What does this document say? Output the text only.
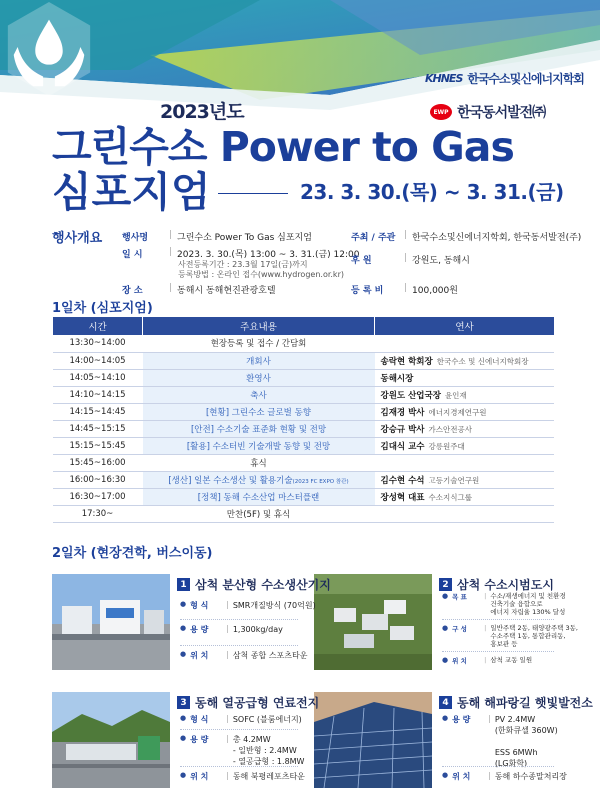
KHNES 한국수소및신에너지학회
EWP 한국동서발전㈜
2023년도
그린수소 Power to Gas
심포지엄	23. 3. 30.(목) ~ 3. 31.(금)
행사개요 행사명	| 그린수소 Power To Gas 심포지엄
일 시	| 2023. 3. 30.(목) 13:00 ~ 3. 31.(금) 12:00
사전등록기간 : 23.3월 17일(금)까지
등록방법 : 온라인 접수(www.hydrogen.or.kr)
장 소	| 동해시 동해현진관광호텔
주최 / 주관 | 한국수소및신에너지학회, 한국동서발전(주)
후 원	| 강원도, 동해시
등 록 비	| 100,000원
1일차 (심포지엄)
시간	주요내용	연사
13:30~14:00	현장등록 및 접수 / 간담회	
14:00~14:05	개회사	송락현 학회장 한국수소 및 신에너지학회장
14:05~14:10	환영사	동해시장
14:10~14:15	축사	강원도 산업국장 윤인재
14:15~14:45	[현황] 그린수소 글로벌 동향	김재경 박사 에너지경제연구원
14:45~15:15	[안전] 수소기술 표준화 현황 및 전망	강승규 박사 가스안전공사
15:15~15:45	[활용] 수소터빈 기술개발 동향 및 전망	김대식 교수 강릉원주대
15:45~16:00	휴식	
16:00~16:30	[생산] 일본 수소생산 및 활용기술(2023 FC EXPO 참관)	김수현 수석 고등기술연구원
16:30~17:00	[정책] 동해 수소산업 마스터플랜	장성혁 대표 수소지식그룹
17:30~	만찬(5F) 및 휴식	
2일차 (현장견학, 버스이동)
1 삼척 분산형 수소생산기지
● 형 식	| SMR개질방식 (70억원)
● 용 량	| 1,300kg/day
● 위 치	| 삼척 종합 스포츠타운
2 삼척 수소시범도시
● 목 표	| 수소/재생에너지 및 친환경
건축기술 융합으로
에너지 자립율 130% 달성
● 구 성	| 일반주택 2동, 태양광주택 3동,
수소주택 1동, 통합관리동,
홍보관 등
● 위 치	| 삼척 교동 일원
3 동해 열공급형 연료전지
● 형 식	| SOFC (블룸에너지)
● 용 량	| 총 4.2MW
- 일반형 : 2.4MW
- 열공급형 : 1.8MW
● 위 치	| 동해 북평레포츠타운
4 동해 해파랑길 햇빛발전소
● 용 량	| PV 2.4MW
(한화큐셀 360W)
ESS 6MWh
(LG화학)
● 위 치	| 동해 하수종말처리장
